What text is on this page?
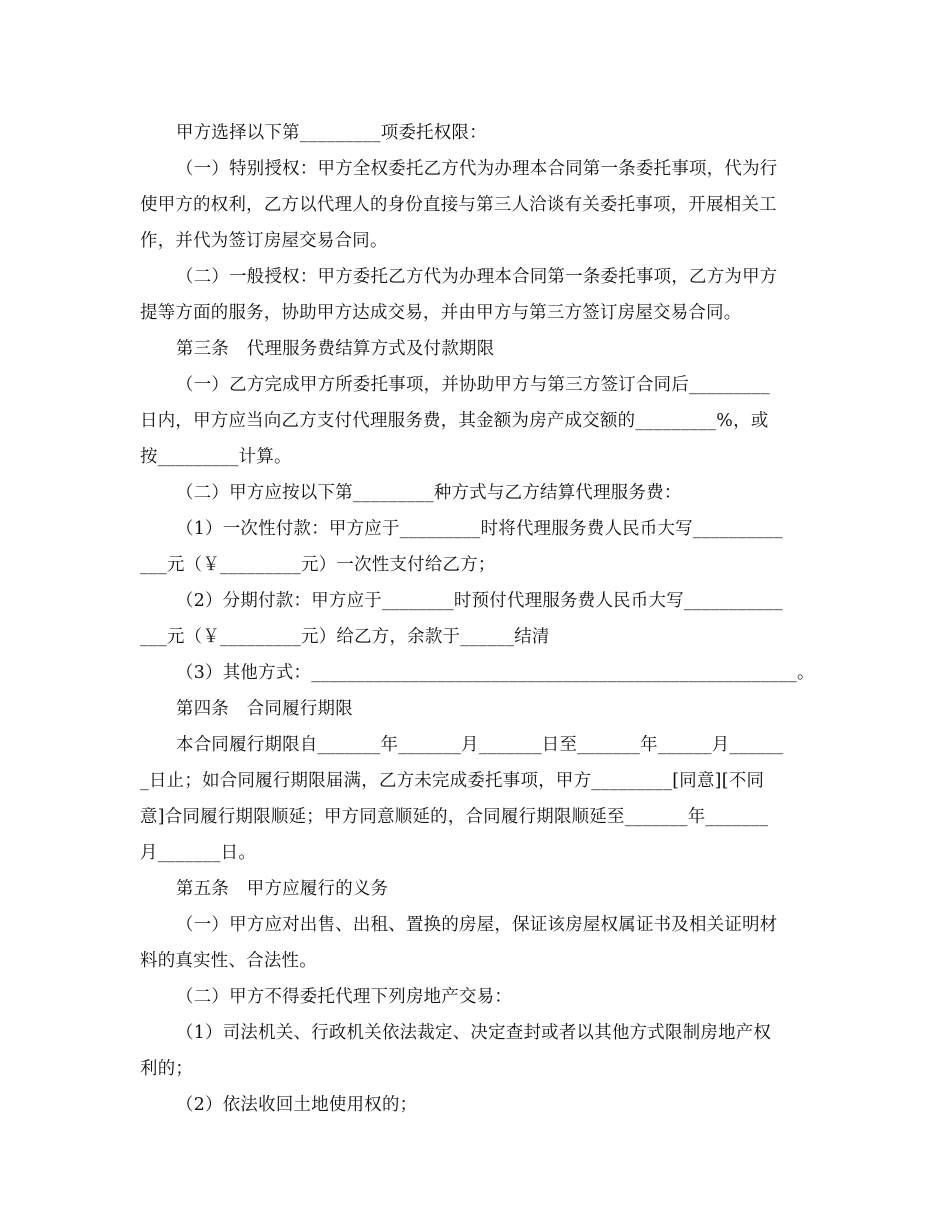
甲方选择以下第_________项委托权限：

（一）特别授权：甲方全权委托乙方代为办理本合同第一条委托事项，代为行

使甲方的权利，乙方以代理人的身份直接与第三人洽谈有关委托事项，开展相关工

作，并代为签订房屋交易合同。

（二）一般授权：甲方委托乙方代为办理本合同第一条委托事项，乙方为甲方

提等方面的服务，协助甲方达成交易，并由甲方与第三方签订房屋交易合同。

第三条　代理服务费结算方式及付款期限

（一）乙方完成甲方所委托事项，并协助甲方与第三方签订合同后_________

日内，甲方应当向乙方支付代理服务费，其金额为房产成交额的_________%，或

按_________计算。

（二）甲方应按以下第_________种方式与乙方结算代理服务费：

（1）一次性付款：甲方应于_________时将代理服务费人民币大写__________

___元（￥_________元）一次性支付给乙方；

（2）分期付款：甲方应于________时预付代理服务费人民币大写___________

___元（￥_________元）给乙方，余款于______结清

（3）其他方式：______________________________________________________。

第四条　合同履行期限

本合同履行期限自_______年_______月_______日至_______年______月______

_日止；如合同履行期限届满，乙方未完成委托事项，甲方_________[同意][不同

意]合同履行期限顺延；甲方同意顺延的，合同履行期限顺延至_______年_______

月_______日。

第五条　甲方应履行的义务

（一）甲方应对出售、出租、置换的房屋，保证该房屋权属证书及相关证明材

料的真实性、合法性。

（二）甲方不得委托代理下列房地产交易：

（1）司法机关、行政机关依法裁定、决定查封或者以其他方式限制房地产权

利的；

（2）依法收回土地使用权的；
